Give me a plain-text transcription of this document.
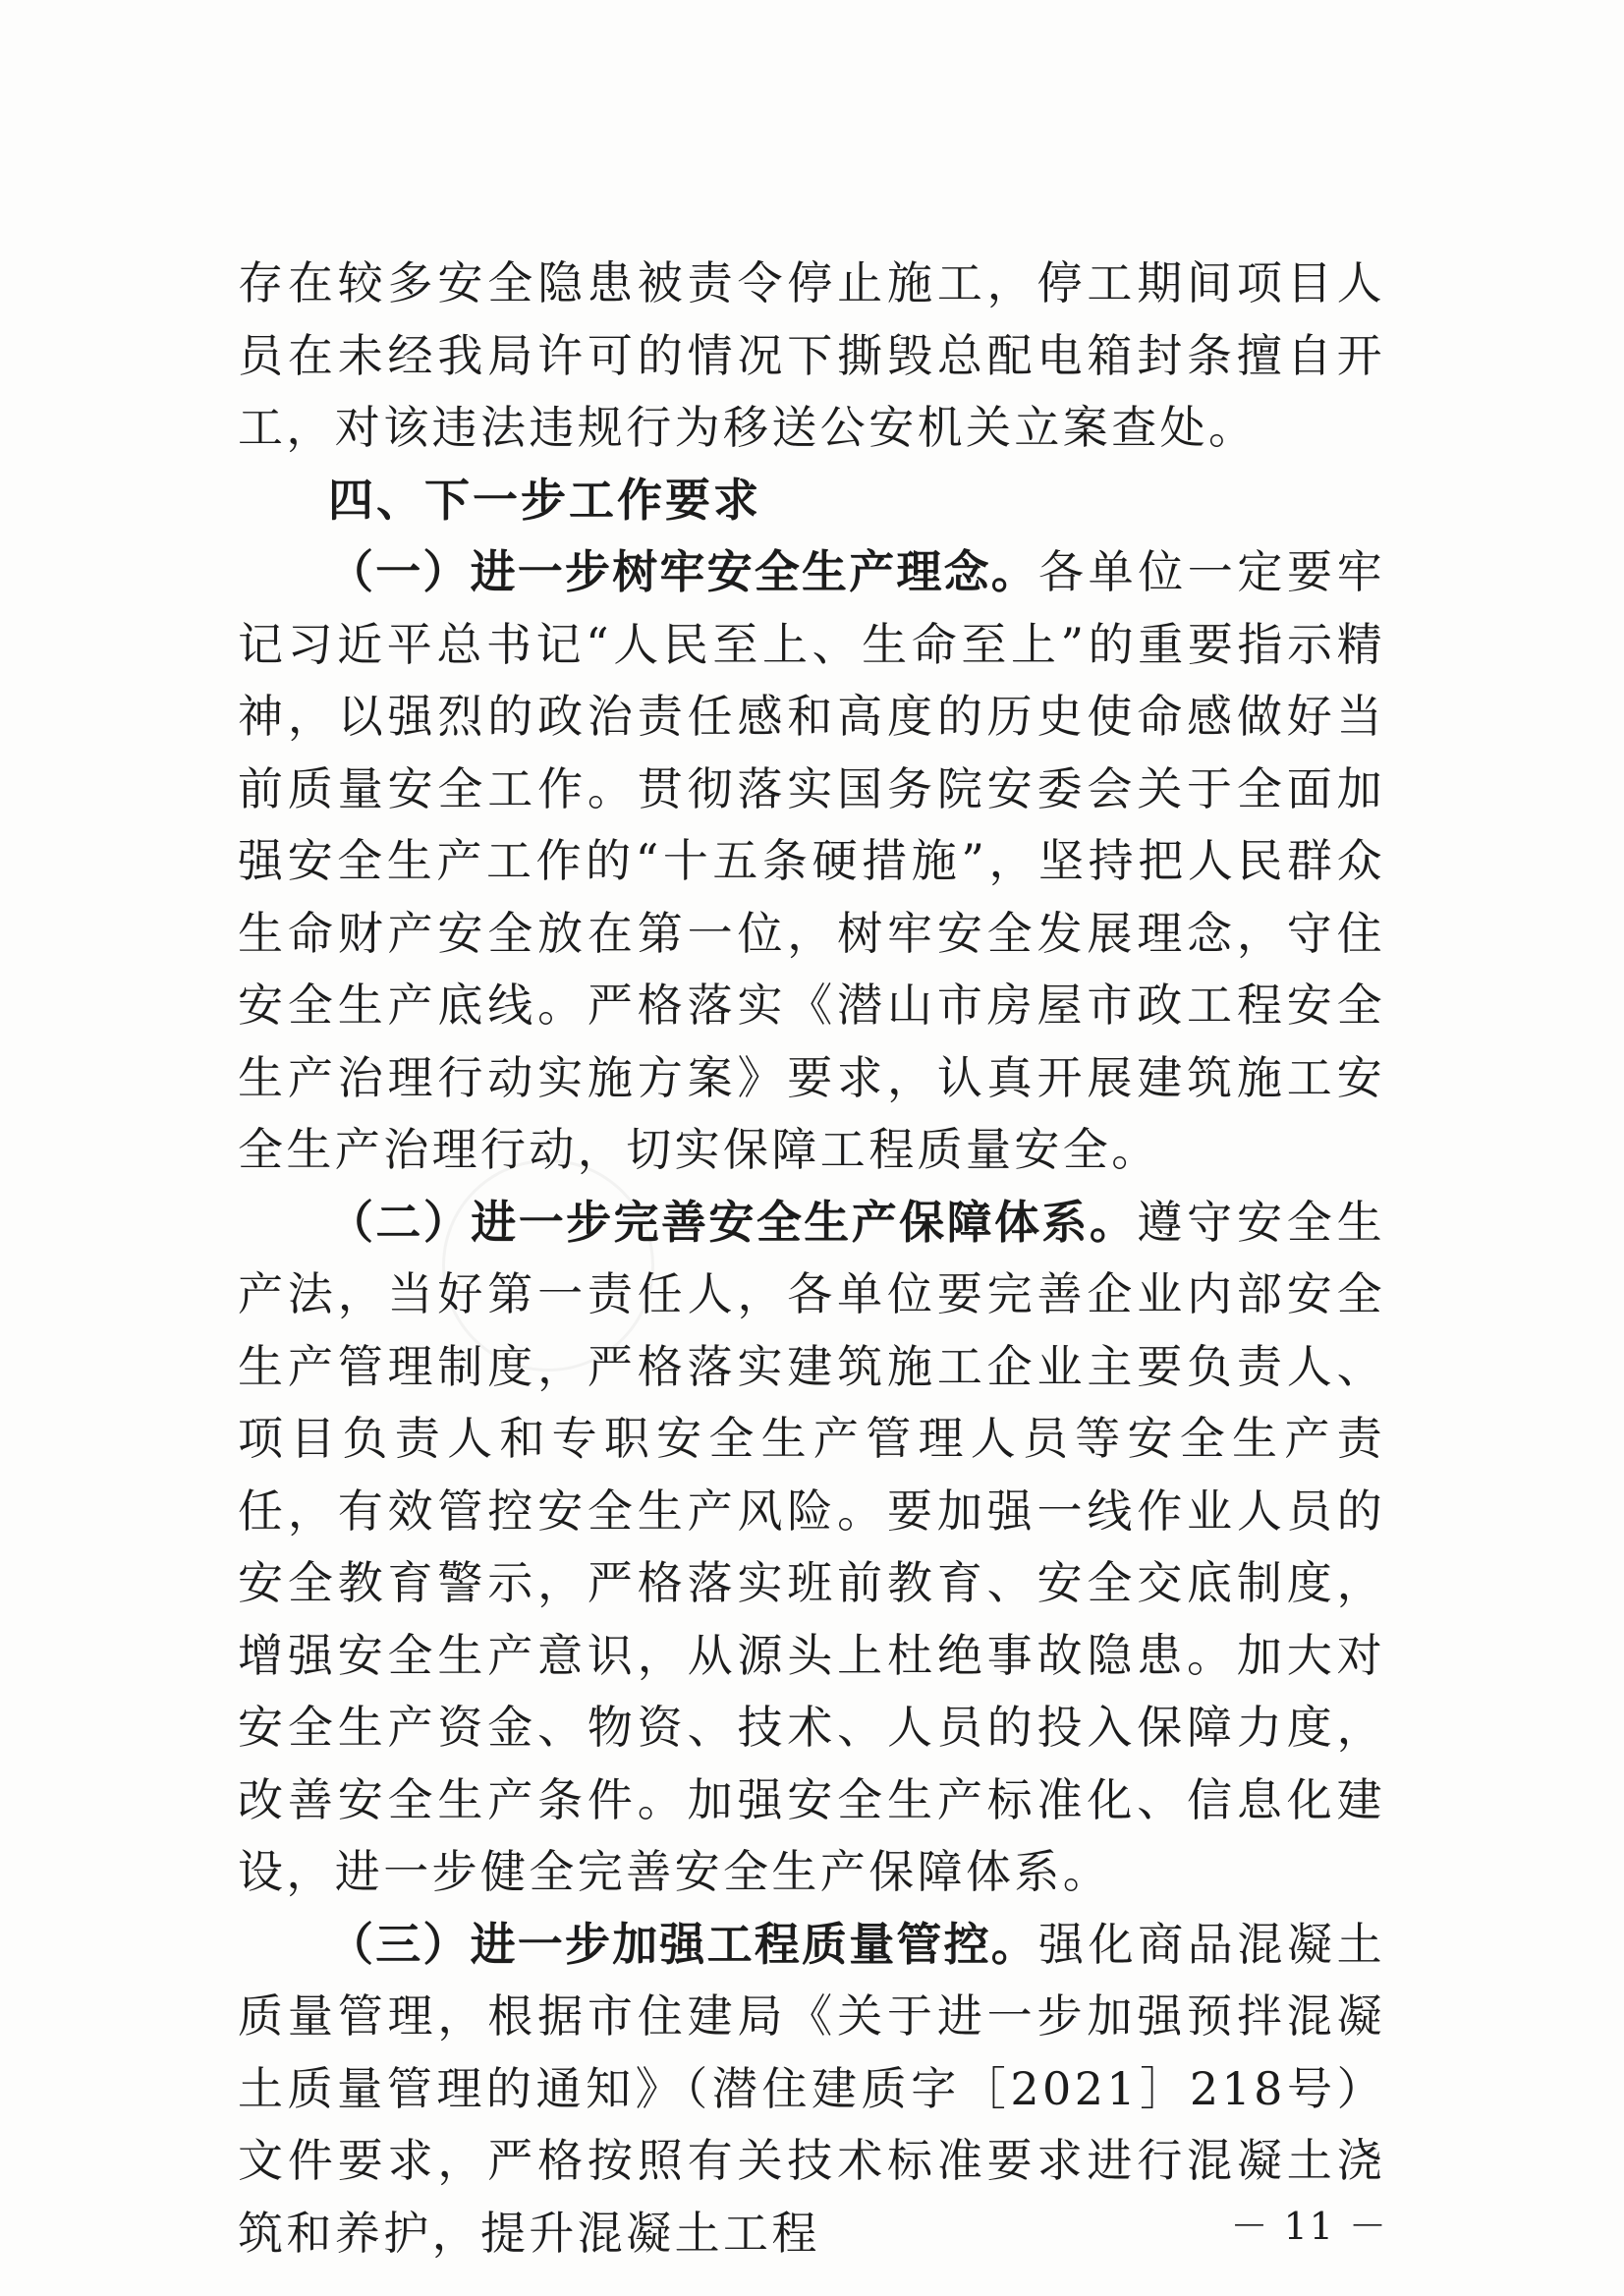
存在较多安全隐患被责令停止施工，停工期间项目人员在未经我局许可的情况下撕毁总配电箱封条擅自开工，对该违法违规行为移送公安机关立案查处。

四、下一步工作要求

（一）进一步树牢安全生产理念。各单位一定要牢记习近平总书记“人民至上、生命至上”的重要指示精神，以强烈的政治责任感和高度的历史使命感做好当前质量安全工作。贯彻落实国务院安委会关于全面加强安全生产工作的“十五条硬措施”，坚持把人民群众生命财产安全放在第一位，树牢安全发展理念，守住安全生产底线。严格落实《潜山市房屋市政工程安全生产治理行动实施方案》要求，认真开展建筑施工安全生产治理行动，切实保障工程质量安全。

（二）进一步完善安全生产保障体系。遵守安全生产法，当好第一责任人，各单位要完善企业内部安全生产管理制度，严格落实建筑施工企业主要负责人、项目负责人和专职安全生产管理人员等安全生产责任，有效管控安全生产风险。要加强一线作业人员的安全教育警示，严格落实班前教育、安全交底制度，增强安全生产意识，从源头上杜绝事故隐患。加大对安全生产资金、物资、技术、人员的投入保障力度，改善安全生产条件。加强安全生产标准化、信息化建设，进一步健全完善安全生产保障体系。

（三）进一步加强工程质量管控。强化商品混凝土质量管理，根据市住建局《关于进一步加强预拌混凝土质量管理的通知》（潜住建质字［2021］218号）文件要求，严格按照有关技术标准要求进行混凝土浇筑和养护，提升混凝土工程	－ 11 －
